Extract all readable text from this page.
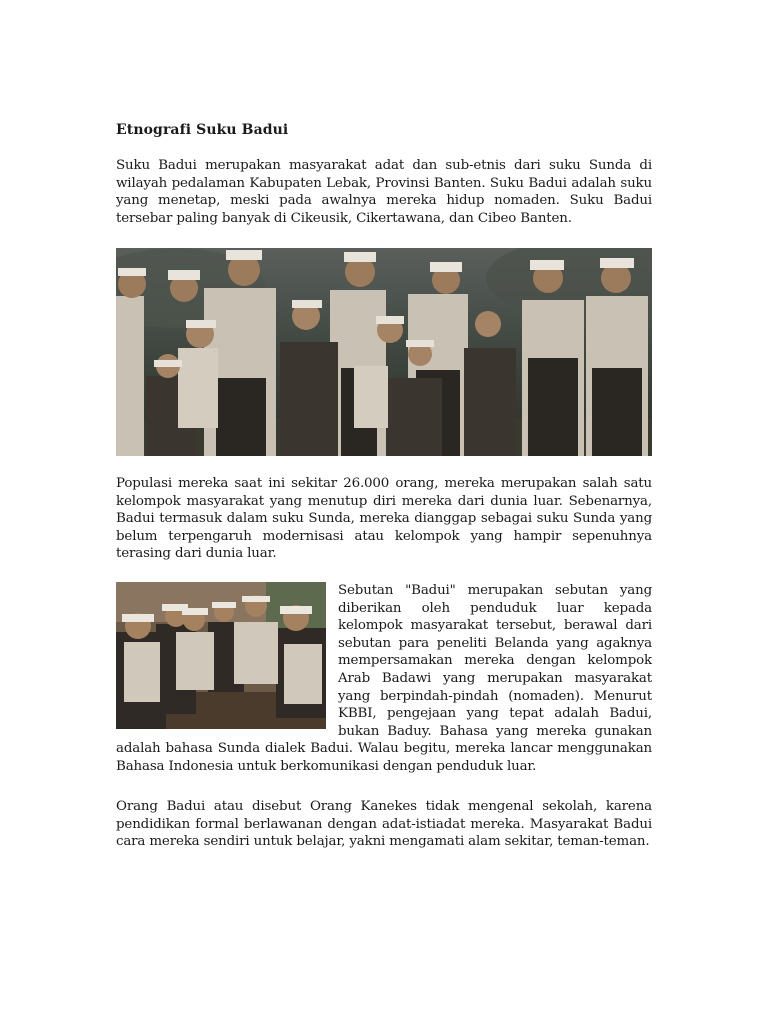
Etnografi Suku Badui

Suku Badui merupakan masyarakat adat dan sub-etnis dari suku Sunda di wilayah pedalaman Kabupaten Lebak, Provinsi Banten. Suku Badui adalah suku yang menetap, meski pada awalnya mereka hidup nomaden. Suku Badui tersebar paling banyak di Cikeusik, Cikertawana, dan Cibeo Banten.

Populasi mereka saat ini sekitar 26.000 orang, mereka merupakan salah satu kelompok masyarakat yang menutup diri mereka dari dunia luar. Sebenarnya, Badui termasuk dalam suku Sunda, mereka dianggap sebagai suku Sunda yang belum terpengaruh modernisasi atau kelompok yang hampir sepenuhnya terasing dari dunia luar.

Sebutan "Badui" merupakan sebutan yang diberikan oleh penduduk luar kepada kelompok masyarakat tersebut, berawal dari sebutan para peneliti Belanda yang agaknya mempersamakan mereka dengan kelompok Arab Badawi yang merupakan masyarakat yang berpindah-pindah (nomaden). Menurut KBBI, pengejaan yang tepat adalah Badui, bukan Baduy. Bahasa yang mereka gunakan adalah bahasa Sunda dialek Badui. Walau begitu, mereka lancar menggunakan Bahasa Indonesia untuk berkomunikasi dengan penduduk luar.

Orang Badui atau disebut Orang Kanekes tidak mengenal sekolah, karena pendidikan formal berlawanan dengan adat-istiadat mereka. Masyarakat Badui cara mereka sendiri untuk belajar, yakni mengamati alam sekitar, teman-teman.
